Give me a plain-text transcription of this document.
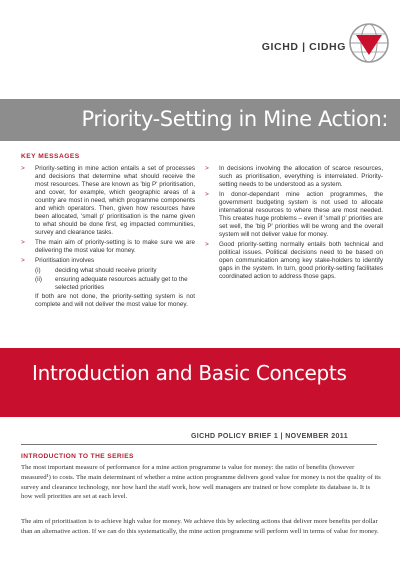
GICHD | CIDHG
Priority-Setting in Mine Action:
KEY MESSAGES
> Priority-setting in mine action entails a set of processes and decisions that determine what should receive the most resources. These are known as 'big P' prioritisation, and cover, for example, which geographic areas of a country are most in need, which programme components and which operators. Then, given how resources have been allocated, 'small p' prioritisation is the name given to what should be done first, eg impacted communities, survey and clearance tasks.
> The main aim of priority-setting is to make sure we are delivering the most value for money.
> Prioritisation involves
(i) deciding what should receive priority
(ii) ensuring adequate resources actually get to the selected priorities
If both are not done, the priority-setting system is not complete and will not deliver the most value for money.
> In decisions involving the allocation of scarce resources, such as prioritisation, everything is interrelated. Priority-setting needs to be understood as a system.
> In donor-dependant mine action programmes, the government budgeting system is not used to allocate international resources to where these are most needed. This creates huge problems – even if 'small p' priorities are set well, the 'big P' priorities will be wrong and the overall system will not deliver value for money.
> Good priority-setting normally entails both technical and political issues. Political decisions need to be based on open communication among key stake-holders to identify gaps in the system. In turn, good priority-setting facilitates coordinated action to address those gaps.
Introduction and Basic Concepts
GICHD POLICY BRIEF 1 | NOVEMBER 2011
INTRODUCTION TO THE SERIES

The most important measure of performance for a mine action programme is value for money: the ratio of benefits (however measured¹) to costs. The main determinant of whether a mine action programme delivers good value for money is not the quality of its survey and clearance technology, nor how hard the staff work, how well managers are trained or how complete its database is. It is how well priorities are set at each level.

The aim of prioritisation is to achieve high value for money. We achieve this by selecting actions that deliver more benefits per dollar than an alternative action. If we can do this systematically, the mine action programme will perform well in terms of value for money.
